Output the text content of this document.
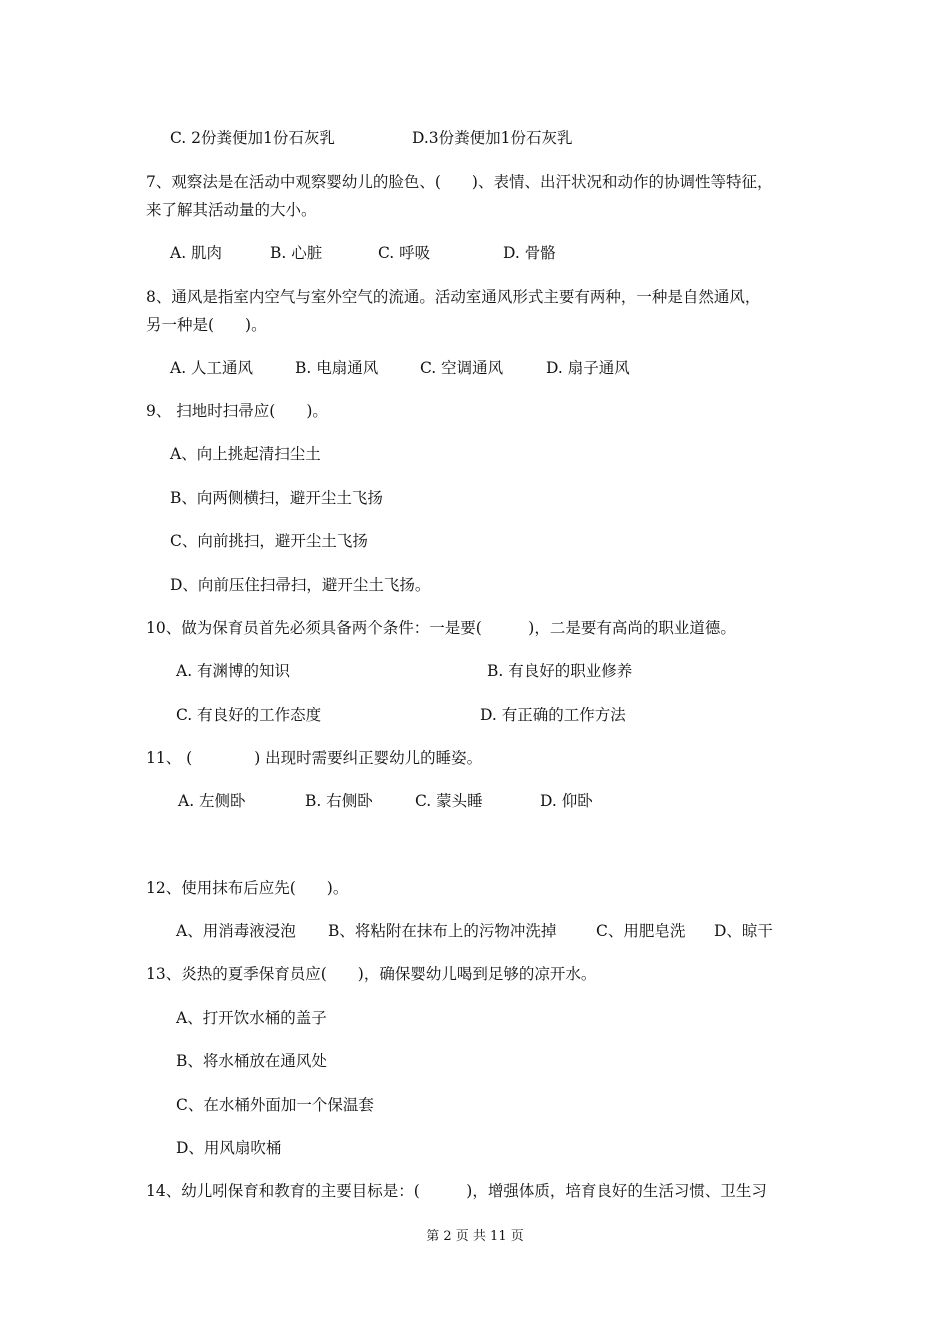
C. 2份粪便加1份石灰乳	D.3份粪便加1份石灰乳
7、观察法是在活动中观察婴幼儿的脸色、(　　)、表情、出汗状况和动作的协调性等特征，
来了解其活动量的大小。
A. 肌肉	B. 心脏	C. 呼吸	D. 骨骼
8、通风是指室内空气与室外空气的流通。活动室通风形式主要有两种，一种是自然通风，
另一种是(　　)。
A. 人工通风	B. 电扇通风	C. 空调通风	D. 扇子通风
9、 扫地时扫帚应(　　)。
A、向上挑起清扫尘土
B、向两侧横扫，避开尘土飞扬
C、向前挑扫，避开尘土飞扬
D、向前压住扫帚扫，避开尘土飞扬。
10、做为保育员首先必须具备两个条件：一是要(　　　)，二是要有高尚的职业道德。
A. 有渊博的知识	B. 有良好的职业修养
C. 有良好的工作态度	D. 有正确的工作方法
11、 (　　　　) 出现时需要纠正婴幼儿的睡姿。
A. 左侧卧	B. 右侧卧	C. 蒙头睡	D. 仰卧
12、使用抹布后应先(　　)。
A、用消毒液浸泡 B、将粘附在抹布上的污物冲洗掉	C、用肥皂洗 D、晾干
13、炎热的夏季保育员应(　　)，确保婴幼儿喝到足够的凉开水。
A、打开饮水桶的盖子
B、将水桶放在通风处
C、在水桶外面加一个保温套
D、用风扇吹桶
14、幼儿吲保育和教育的主要目标是：(　　　)，增强体质，培育良好的生活习惯、卫生习
第 2 页 共 11 页
